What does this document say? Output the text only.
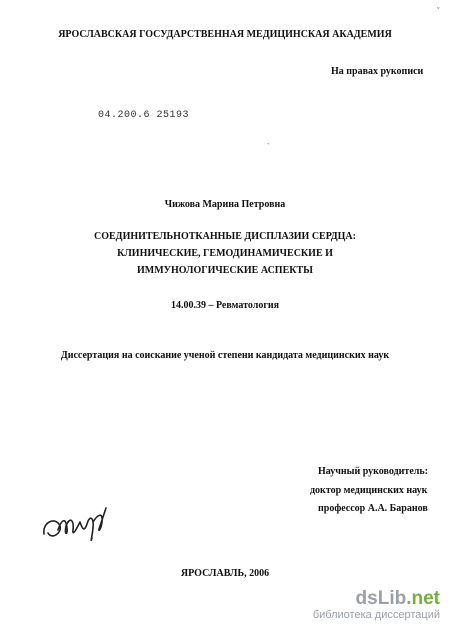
ЯРОСЛАВСКАЯ ГОСУДАРСТВЕННАЯ МЕДИЦИНСКАЯ АКАДЕМИЯ
На правах рукописи
04.200.6 25193
ˇ
ˋ
Чижова Марина Петровна
СОЕДИНИТЕЛЬНОТКАННЫЕ ДИСПЛАЗИИ СЕРДЦА:
КЛИНИЧЕСКИЕ, ГЕМОДИНАМИЧЕСКИЕ И
ИММУНОЛОГИЧЕСКИЕ АСПЕКТЫ
14.00.39 – Ревматология
Диссертация на соискание ученой степени кандидата медицинских наук
Научный руководитель:
доктор медицинских наук
профессор А.А. Баранов
ЯРОСЛАВЛЬ, 2006
dsLib.net
библиотека диссертаций
